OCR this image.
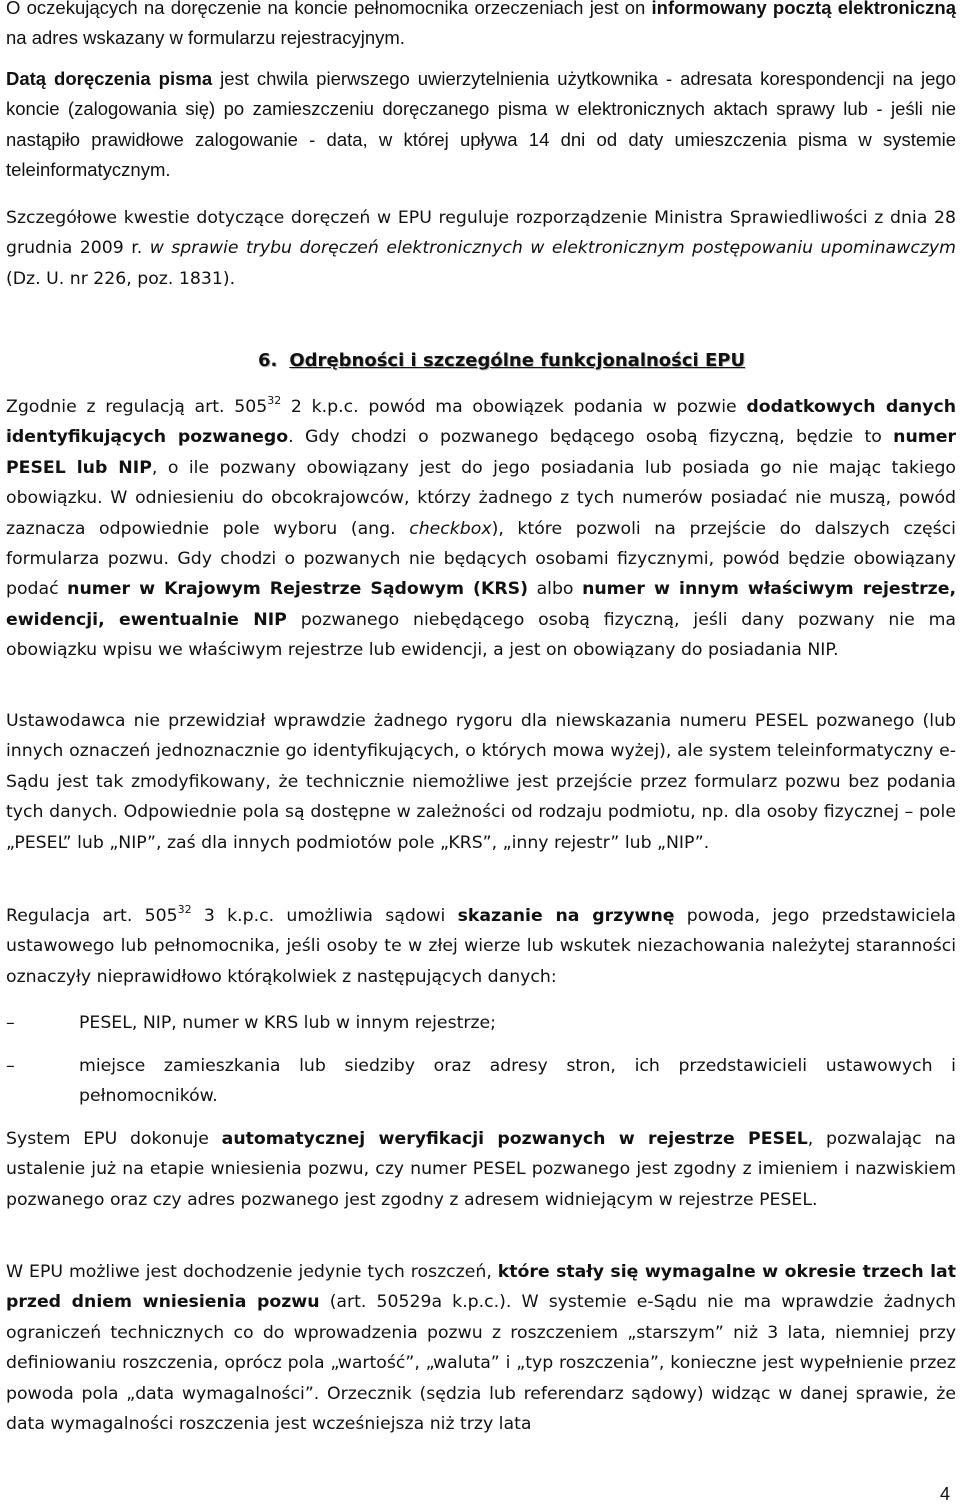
O oczekujących na doręczenie na koncie pełnomocnika orzeczeniach jest on informowany pocztą elektroniczną na adres wskazany w formularzu rejestracyjnym.

Datą doręczenia pisma jest chwila pierwszego uwierzytelnienia użytkownika - adresata korespondencji na jego koncie (zalogowania się) po zamieszczeniu doręczanego pisma w elektronicznych aktach sprawy lub - jeśli nie nastąpiło prawidłowe zalogowanie - data, w której upływa 14 dni od daty umieszczenia pisma w systemie teleinformatycznym.

Szczegółowe kwestie dotyczące doręczeń w EPU reguluje rozporządzenie Ministra Sprawiedliwości z dnia 28 grudnia 2009 r. w sprawie trybu doręczeń elektronicznych w elektronicznym postępowaniu upominawczym (Dz. U. nr 226, poz. 1831).

6. Odrębności i szczególne funkcjonalności EPU

Zgodnie z regulacją art. $505^{32}$ 2 k.p.c. powód ma obowiązek podania w pozwie dodatkowych danych identyfikujących pozwanego. Gdy chodzi o pozwanego będącego osobą fizyczną, będzie to numer PESEL lub NIP, o ile pozwany obowiązany jest do jego posiadania lub posiada go nie mając takiego obowiązku. W odniesieniu do obcokrajowców, którzy żadnego z tych numerów posiadać nie muszą, powód zaznacza odpowiednie pole wyboru (ang. checkbox), które pozwoli na przejście do dalszych części formularza pozwu. Gdy chodzi o pozwanych nie będących osobami fizycznymi, powód będzie obowiązany podać numer w Krajowym Rejestrze Sądowym (KRS) albo numer w innym właściwym rejestrze, ewidencji, ewentualnie NIP pozwanego niebędącego osobą fizyczną, jeśli dany pozwany nie ma obowiązku wpisu we właściwym rejestrze lub ewidencji, a jest on obowiązany do posiadania NIP.

Ustawodawca nie przewidział wprawdzie żadnego rygoru dla niewskazania numeru PESEL pozwanego (lub innych oznaczeń jednoznacznie go identyfikujących, o których mowa wyżej), ale system teleinformatyczny e-Sądu jest tak zmodyfikowany, że technicznie niemożliwe jest przejście przez formularz pozwu bez podania tych danych. Odpowiednie pola są dostępne w zależności od rodzaju podmiotu, np. dla osoby fizycznej – pole „PESEL” lub „NIP”, zaś dla innych podmiotów pole „KRS”, „inny rejestr” lub „NIP”.

Regulacja art. $505^{32}$ 3 k.p.c. umożliwia sądowi skazanie na grzywnę powoda, jego przedstawiciela ustawowego lub pełnomocnika, jeśli osoby te w złej wierze lub wskutek niezachowania należytej staranności oznaczyły nieprawidłowo którąkolwiek z następujących danych:

–	PESEL, NIP, numer w KRS lub w innym rejestrze;
–	miejsce zamieszkania lub siedziby oraz adresy stron, ich przedstawicieli ustawowych i pełnomocników.

System EPU dokonuje automatycznej weryfikacji pozwanych w rejestrze PESEL, pozwalając na ustalenie już na etapie wniesienia pozwu, czy numer PESEL pozwanego jest zgodny z imieniem i nazwiskiem pozwanego oraz czy adres pozwanego jest zgodny z adresem widniejącym w rejestrze PESEL.

W EPU możliwe jest dochodzenie jedynie tych roszczeń, które stały się wymagalne w okresie trzech lat przed dniem wniesienia pozwu (art. 50529a k.p.c.). W systemie e-Sądu nie ma wprawdzie żadnych ograniczeń technicznych co do wprowadzenia pozwu z roszczeniem „starszym” niż 3 lata, niemniej przy definiowaniu roszczenia, oprócz pola „wartość”, „waluta” i „typ roszczenia”, konieczne jest wypełnienie przez powoda pola „data wymagalności”. Orzecznik (sędzia lub referendarz sądowy) widząc w danej sprawie, że data wymagalności roszczenia jest wcześniejsza niż trzy lata

4
